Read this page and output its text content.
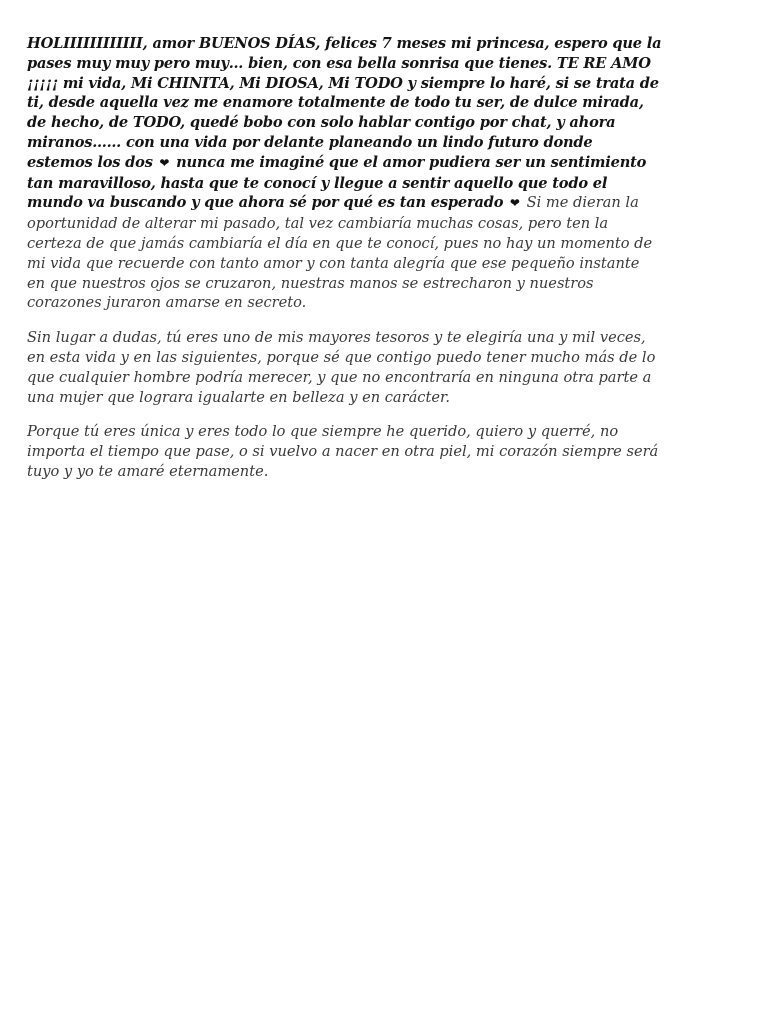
HOLIIIIIIIIIIII, amor BUENOS DÍAS, felices 7 meses mi princesa, espero que la pases muy muy pero muy… bien, con esa bella sonrisa que tienes. TE RE AMO ¡¡¡¡¡ mi vida, Mi CHINITA, Mi DIOSA, Mi TODO y siempre lo haré, si se trata de ti, desde aquella vez me enamore totalmente de todo tu ser, de dulce mirada, de hecho, de TODO, quedé bobo con solo hablar contigo por chat, y ahora miranos…… con una vida por delante planeando un lindo futuro donde estemos los dos ❤ nunca me imaginé que el amor pudiera ser un sentimiento tan maravilloso, hasta que te conocí y llegue a sentir aquello que todo el mundo va buscando y que ahora sé por qué es tan esperado ❤ Si me dieran la oportunidad de alterar mi pasado, tal vez cambiaría muchas cosas, pero ten la certeza de que jamás cambiaría el día en que te conocí, pues no hay un momento de mi vida que recuerde con tanto amor y con tanta alegría que ese pequeño instante en que nuestros ojos se cruzaron, nuestras manos se estrecharon y nuestros corazones juraron amarse en secreto.

Sin lugar a dudas, tú eres uno de mis mayores tesoros y te elegiría una y mil veces, en esta vida y en las siguientes, porque sé que contigo puedo tener mucho más de lo que cualquier hombre podría merecer, y que no encontraría en ninguna otra parte a una mujer que lograra igualarte en belleza y en carácter.

Porque tú eres única y eres todo lo que siempre he querido, quiero y querré, no importa el tiempo que pase, o si vuelvo a nacer en otra piel, mi corazón siempre será tuyo y yo te amaré eternamente.
